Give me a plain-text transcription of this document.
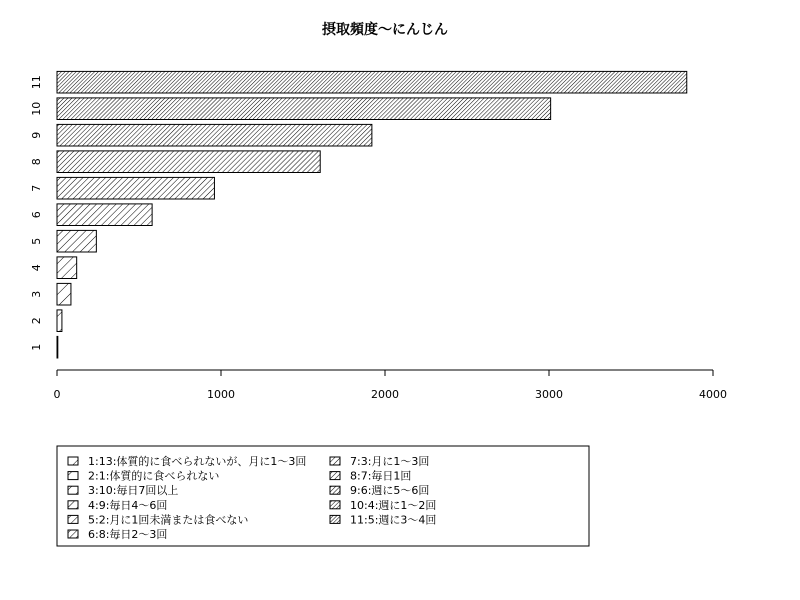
摂取頻度〜にんじん
1
2
3
4
5
6
7
8
9
10
11
0	1000	2000	3000	4000
1:13:体質的に食べられないが、月に1〜3回
2:1:体質的に食べられない
3:10:毎日7回以上
4:9:毎日4〜6回
5:2:月に1回未満または食べない
6:8:毎日2〜3回
7:3:月に1〜3回
8:7:毎日1回
9:6:週に5〜6回
10:4:週に1〜2回
11:5:週に3〜4回
